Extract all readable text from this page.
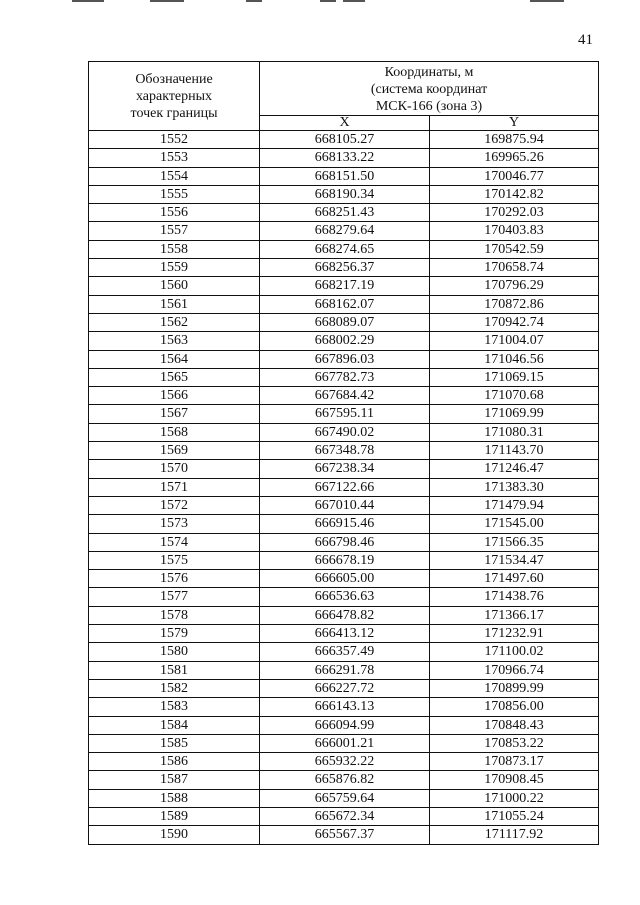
41
Обозначение
характерных
точек границы	Координаты, м
(система координат
МСК-166 (зона 3)	

	X	Y
1552	668105.27	169875.94
1553	668133.22	169965.26
1554	668151.50	170046.77
1555	668190.34	170142.82
1556	668251.43	170292.03
1557	668279.64	170403.83
1558	668274.65	170542.59
1559	668256.37	170658.74
1560	668217.19	170796.29
1561	668162.07	170872.86
1562	668089.07	170942.74
1563	668002.29	171004.07
1564	667896.03	171046.56
1565	667782.73	171069.15
1566	667684.42	171070.68
1567	667595.11	171069.99
1568	667490.02	171080.31
1569	667348.78	171143.70
1570	667238.34	171246.47
1571	667122.66	171383.30
1572	667010.44	171479.94
1573	666915.46	171545.00
1574	666798.46	171566.35
1575	666678.19	171534.47
1576	666605.00	171497.60
1577	666536.63	171438.76
1578	666478.82	171366.17
1579	666413.12	171232.91
1580	666357.49	171100.02
1581	666291.78	170966.74
1582	666227.72	170899.99
1583	666143.13	170856.00
1584	666094.99	170848.43
1585	666001.21	170853.22
1586	665932.22	170873.17
1587	665876.82	170908.45
1588	665759.64	171000.22
1589	665672.34	171055.24
1590	665567.37	171117.92
